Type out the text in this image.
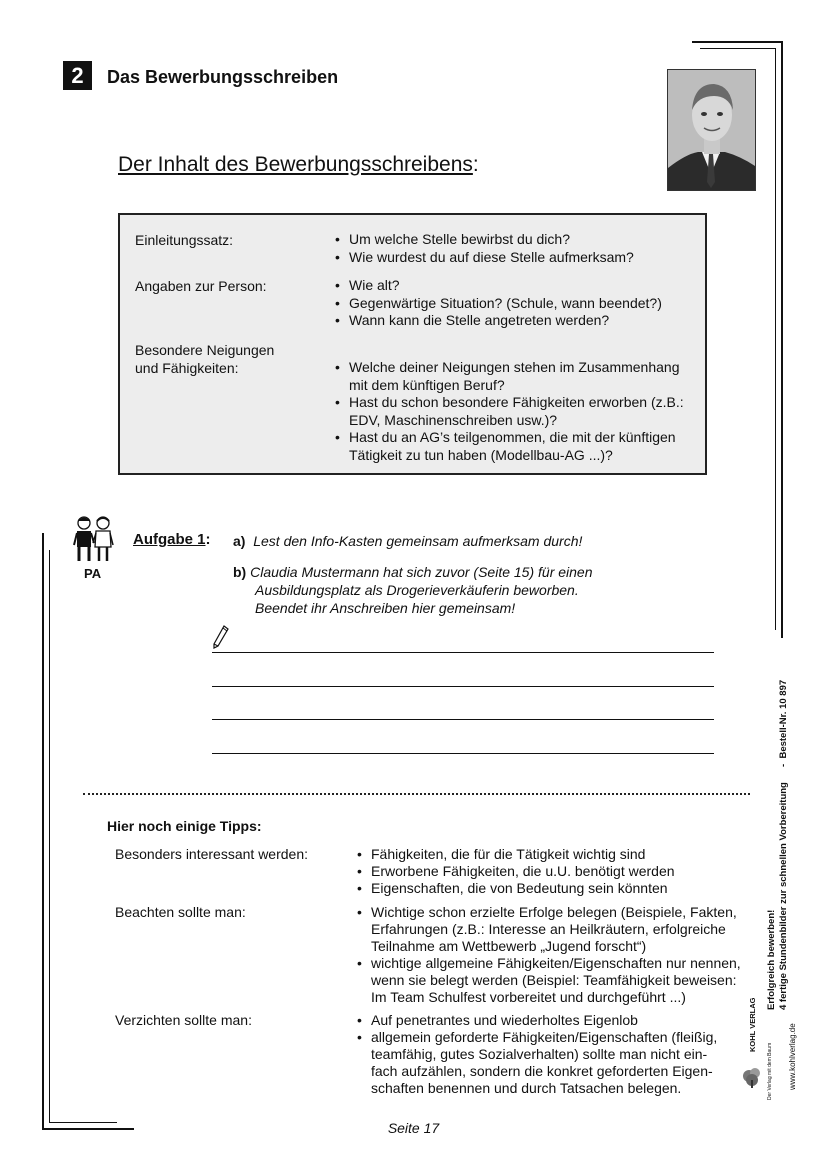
2	Das Bewerbungsschreiben
Der Inhalt des Bewerbungsschreibens:
Einleitungssatz:	• Um welche Stelle bewirbst du dich?
• Wie wurdest du auf diese Stelle aufmerksam?
Angaben zur Person:	• Wie alt?
• Gegenwärtige Situation? (Schule, wann beendet?)
• Wann kann die Stelle angetreten werden?
Besondere Neigungen
und Fähigkeiten:	• Welche deiner Neigungen stehen im Zusammenhang mit dem künftigen Beruf?
• Hast du schon besondere Fähigkeiten erworben (z.B.: EDV, Maschinenschreiben usw.)?
• Hast du an AG’s teilgenommen, die mit der künftigen Tätigkeit zu tun haben (Modellbau-AG ...)?
PA
Aufgabe 1: a) Lest den Info-Kasten gemeinsam aufmerksam durch!
b) Claudia Mustermann hat sich zuvor (Seite 15) für einen
Ausbildungsplatz als Drogerieverkäuferin beworben.
Beendet ihr Anschreiben hier gemeinsam!
Hier noch einige Tipps:
Besonders interessant werden:	• Fähigkeiten, die für die Tätigkeit wichtig sind
• Erworbene Fähigkeiten, die u.U. benötigt werden
• Eigenschaften, die von Bedeutung sein könnten
Beachten sollte man:	• Wichtige schon erzielte Erfolge belegen (Beispiele, Fakten, Erfahrungen (z.B.: Interesse an Heilkräutern, erfolgreiche Teilnahme am Wettbewerb „Jugend forscht“)
• wichtige allgemeine Fähigkeiten/Eigenschaften nur nennen, wenn sie belegt werden (Beispiel: Teamfähigkeit beweisen: Im Team Schulfest vorbereitet und durchgeführt ...)
Verzichten sollte man:	• Auf penetrantes und wiederholtes Eigenlob
• allgemein geforderte Fähigkeiten/Eigenschaften (fleißig, teamfähig, gutes Sozialverhalten) sollte man nicht einfach aufzählen, sondern die konkret geforderten Eigenschaften benennen und durch Tatsachen belegen.
Erfolgreich bewerben! 4 fertige Stundenbilder zur schnellen Vorbereitung
-  Bestell-Nr. 10 897
www.kohlverlag.de
KOHL VERLAG
Der Verlag mit dem Baum
Seite 17
